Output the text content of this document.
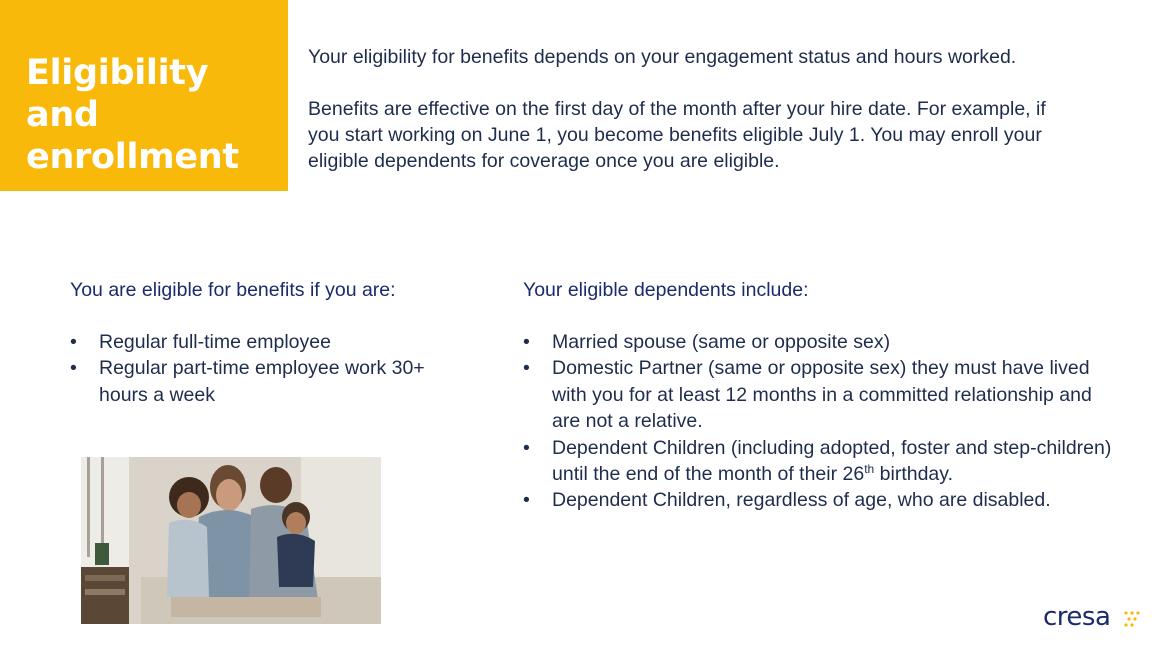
Eligibility and
enrollment

Your eligibility for benefits depends on your engagement status and hours worked.

Benefits are effective on the first day of the month after your hire date. For example, if you start working on June 1, you become benefits eligible July 1. You may enroll your eligible dependents for coverage once you are eligible.

You are eligible for benefits if you are:
• Regular full-time employee
• Regular part-time employee work 30+ hours a week
Your eligible dependents include:
• Married spouse (same or opposite sex)
• Domestic Partner (same or opposite sex) they must have lived with you for at least 12 months in a committed relationship and are not a relative.
• Dependent Children (including adopted, foster and step-children) until the end of the month of their 26th birthday.
• Dependent Children, regardless of age, who are disabled.
cresa
